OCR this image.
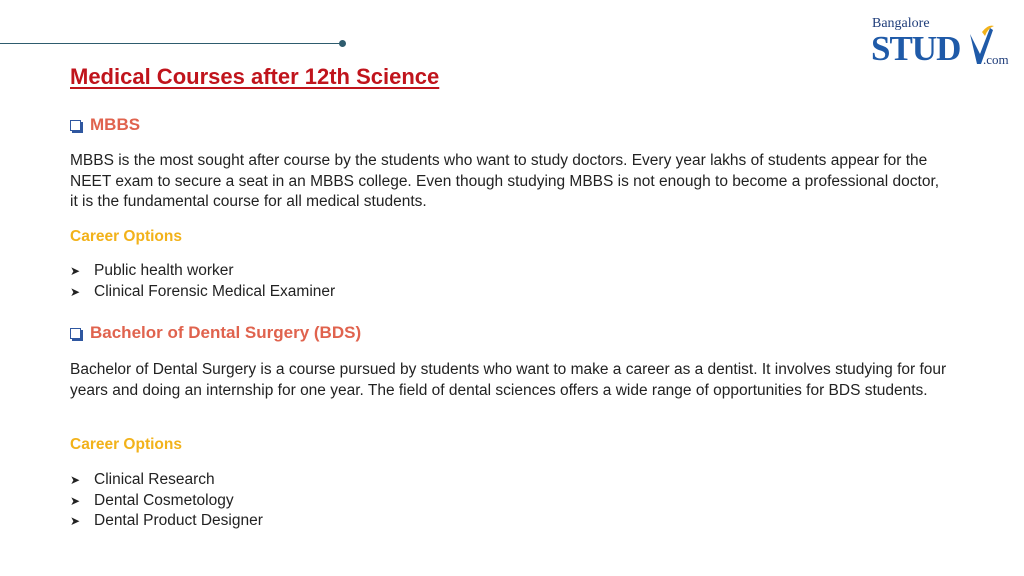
Bangalore
STUD .com
Medical Courses after 12th Science
MBBS
MBBS is the most sought after course by the students who want to study doctors. Every year lakhs of students appear for the NEET exam to secure a seat in an MBBS college. Even though studying MBBS is not enough to become a professional doctor, it is the fundamental course for all medical students.
Career Options
➤ Public health worker
➤ Clinical Forensic Medical Examiner
Bachelor of Dental Surgery (BDS)
Bachelor of Dental Surgery is a course pursued by students who want to make a career as a dentist. It involves studying for four years and doing an internship for one year. The field of dental sciences offers a wide range of opportunities for BDS students.
Career Options
➤ Clinical Research
➤ Dental Cosmetology
➤ Dental Product Designer
